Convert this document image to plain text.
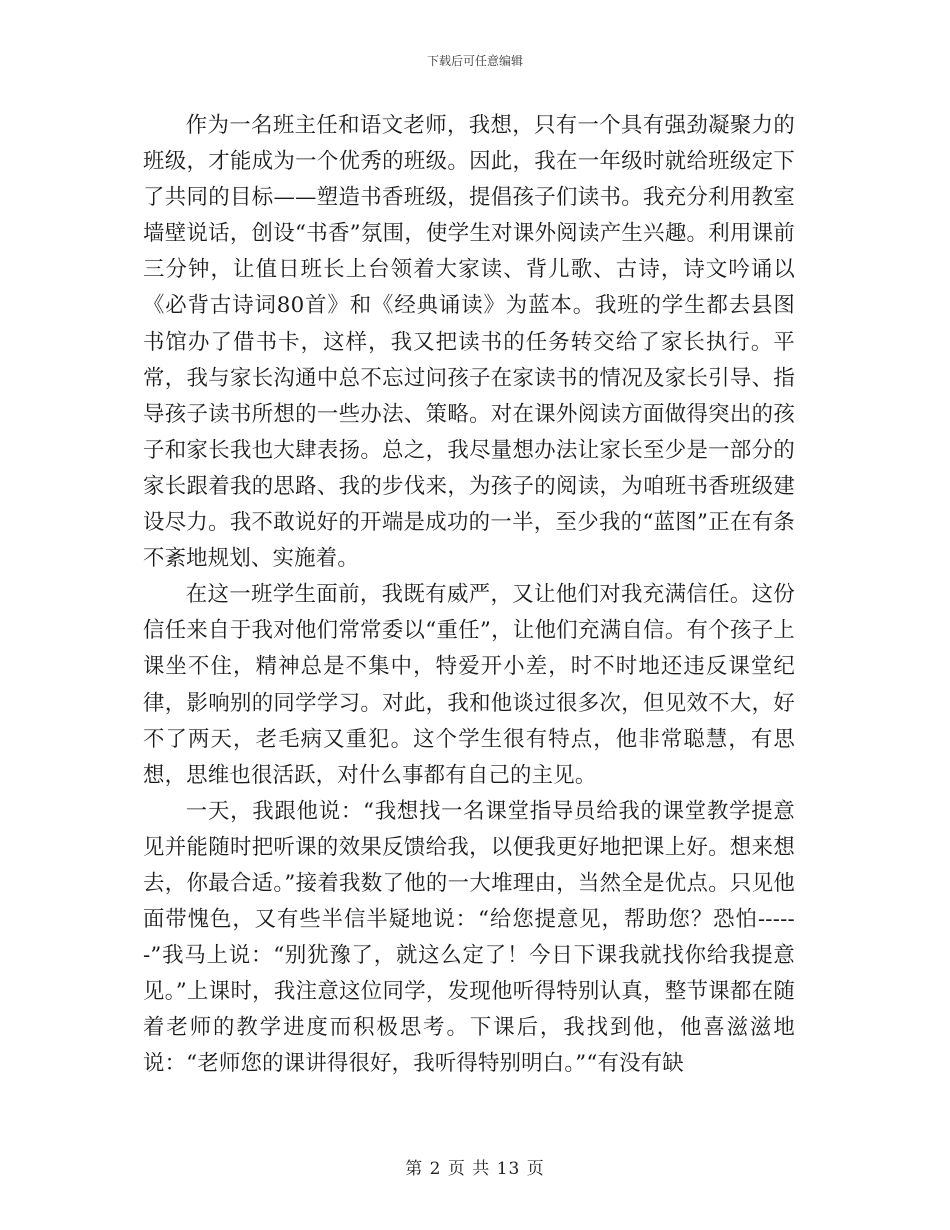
下载后可任意编辑

作为一名班主任和语文老师，我想，只有一个具有强劲凝聚力的班级，才能成为一个优秀的班级。因此，我在一年级时就给班级定下了共同的目标——塑造书香班级，提倡孩子们读书。我充分利用教室墙壁说话，创设“书香”氛围，使学生对课外阅读产生兴趣。利用课前三分钟，让值日班长上台领着大家读、背儿歌、古诗，诗文吟诵以《必背古诗词80首》和《经典诵读》为蓝本。我班的学生都去县图书馆办了借书卡，这样，我又把读书的任务转交给了家长执行。平常，我与家长沟通中总不忘过问孩子在家读书的情况及家长引导、指导孩子读书所想的一些办法、策略。对在课外阅读方面做得突出的孩子和家长我也大肆表扬。总之，我尽量想办法让家长至少是一部分的家长跟着我的思路、我的步伐来，为孩子的阅读，为咱班书香班级建设尽力。我不敢说好的开端是成功的一半，至少我的“蓝图”正在有条不紊地规划、实施着。

在这一班学生面前，我既有威严，又让他们对我充满信任。这份信任来自于我对他们常常委以“重任”，让他们充满自信。有个孩子上课坐不住，精神总是不集中，特爱开小差，时不时地还违反课堂纪律，影响别的同学学习。对此，我和他谈过很多次，但见效不大，好不了两天，老毛病又重犯。这个学生很有特点，他非常聪慧，有思想，思维也很活跃，对什么事都有自己的主见。

一天，我跟他说：“我想找一名课堂指导员给我的课堂教学提意见并能随时把听课的效果反馈给我，以便我更好地把课上好。想来想去，你最合适。”接着我数了他的一大堆理由，当然全是优点。只见他面带愧色，又有些半信半疑地说：“给您提意见，帮助您？恐怕------”我马上说：“别犹豫了，就这么定了！今日下课我就找你给我提意见。”上课时，我注意这位同学，发现他听得特别认真，整节课都在随着老师的教学进度而积极思考。下课后，我找到他，他喜滋滋地说：“老师您的课讲得很好，我听得特别明白。”“有没有缺

第 2 页 共 13 页
